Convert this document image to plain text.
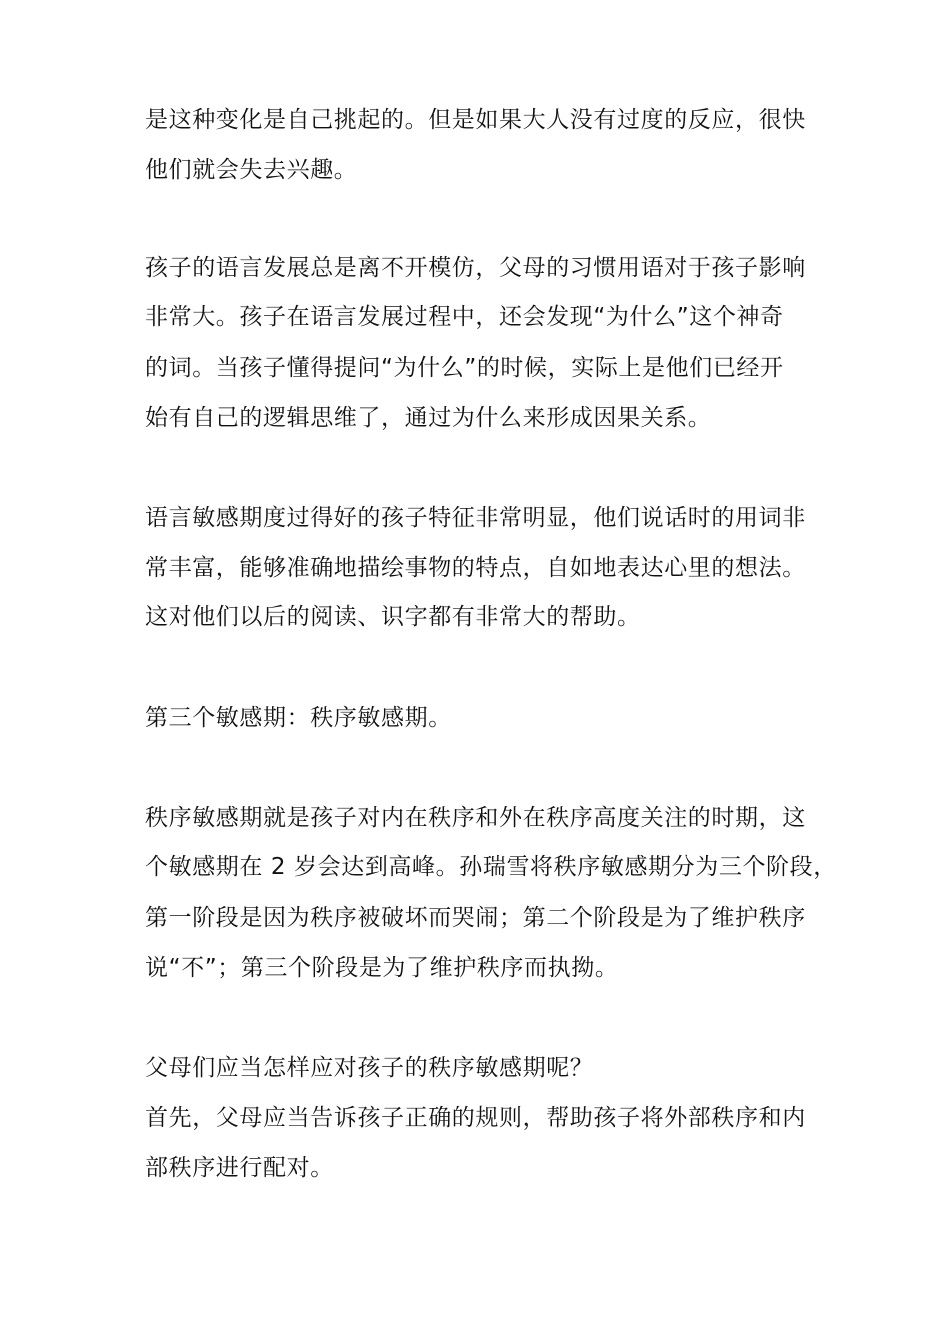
是这种变化是自己挑起的。但是如果大人没有过度的反应，很快
他们就会失去兴趣。
孩子的语言发展总是离不开模仿，父母的习惯用语对于孩子影响
非常大。孩子在语言发展过程中，还会发现“为什么”这个神奇
的词。当孩子懂得提问“为什么”的时候，实际上是他们已经开
始有自己的逻辑思维了，通过为什么来形成因果关系。
语言敏感期度过得好的孩子特征非常明显，他们说话时的用词非
常丰富，能够准确地描绘事物的特点，自如地表达心里的想法。
这对他们以后的阅读、识字都有非常大的帮助。
第三个敏感期：秩序敏感期。
秩序敏感期就是孩子对内在秩序和外在秩序高度关注的时期，这
个敏感期在 2 岁会达到高峰。孙瑞雪将秩序敏感期分为三个阶段，
第一阶段是因为秩序被破坏而哭闹；第二个阶段是为了维护秩序
说“不”；第三个阶段是为了维护秩序而执拗。
父母们应当怎样应对孩子的秩序敏感期呢？
首先，父母应当告诉孩子正确的规则，帮助孩子将外部秩序和内
部秩序进行配对。
